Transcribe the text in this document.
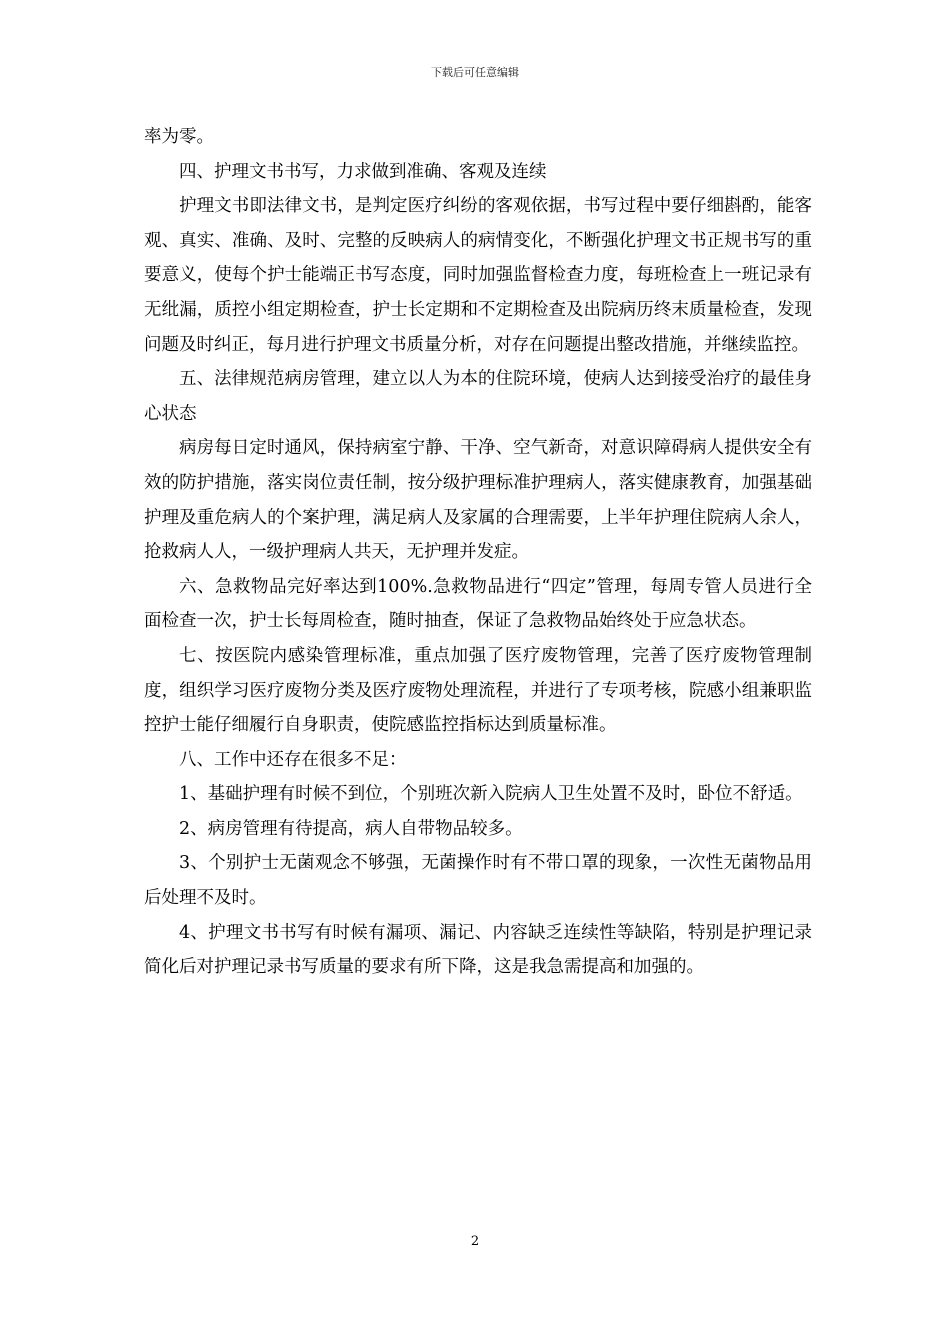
下载后可任意编辑

率为零。

四、护理文书书写，力求做到准确、客观及连续

护理文书即法律文书，是判定医疗纠纷的客观依据，书写过程中要仔细斟酌，能客观、真实、准确、及时、完整的反映病人的病情变化，不断强化护理文书正规书写的重要意义，使每个护士能端正书写态度，同时加强监督检查力度，每班检查上一班记录有无纰漏，质控小组定期检查，护士长定期和不定期检查及出院病历终末质量检查，发现问题及时纠正，每月进行护理文书质量分析，对存在问题提出整改措施，并继续监控。

五、法律规范病房管理，建立以人为本的住院环境，使病人达到接受治疗的最佳身心状态

病房每日定时通风，保持病室宁静、干净、空气新奇，对意识障碍病人提供安全有效的防护措施，落实岗位责任制，按分级护理标准护理病人，落实健康教育，加强基础护理及重危病人的个案护理，满足病人及家属的合理需要，上半年护理住院病人余人，抢救病人人，一级护理病人共天，无护理并发症。

六、急救物品完好率达到100%.急救物品进行“四定”管理，每周专管人员进行全面检查一次，护士长每周检查，随时抽查，保证了急救物品始终处于应急状态。

七、按医院内感染管理标准，重点加强了医疗废物管理，完善了医疗废物管理制度，组织学习医疗废物分类及医疗废物处理流程，并进行了专项考核，院感小组兼职监控护士能仔细履行自身职责，使院感监控指标达到质量标准。

八、工作中还存在很多不足：

1、基础护理有时候不到位，个别班次新入院病人卫生处置不及时，卧位不舒适。

2、病房管理有待提高，病人自带物品较多。

3、个别护士无菌观念不够强，无菌操作时有不带口罩的现象，一次性无菌物品用后处理不及时。

4、护理文书书写有时候有漏项、漏记、内容缺乏连续性等缺陷，特别是护理记录简化后对护理记录书写质量的要求有所下降，这是我急需提高和加强的。

2
